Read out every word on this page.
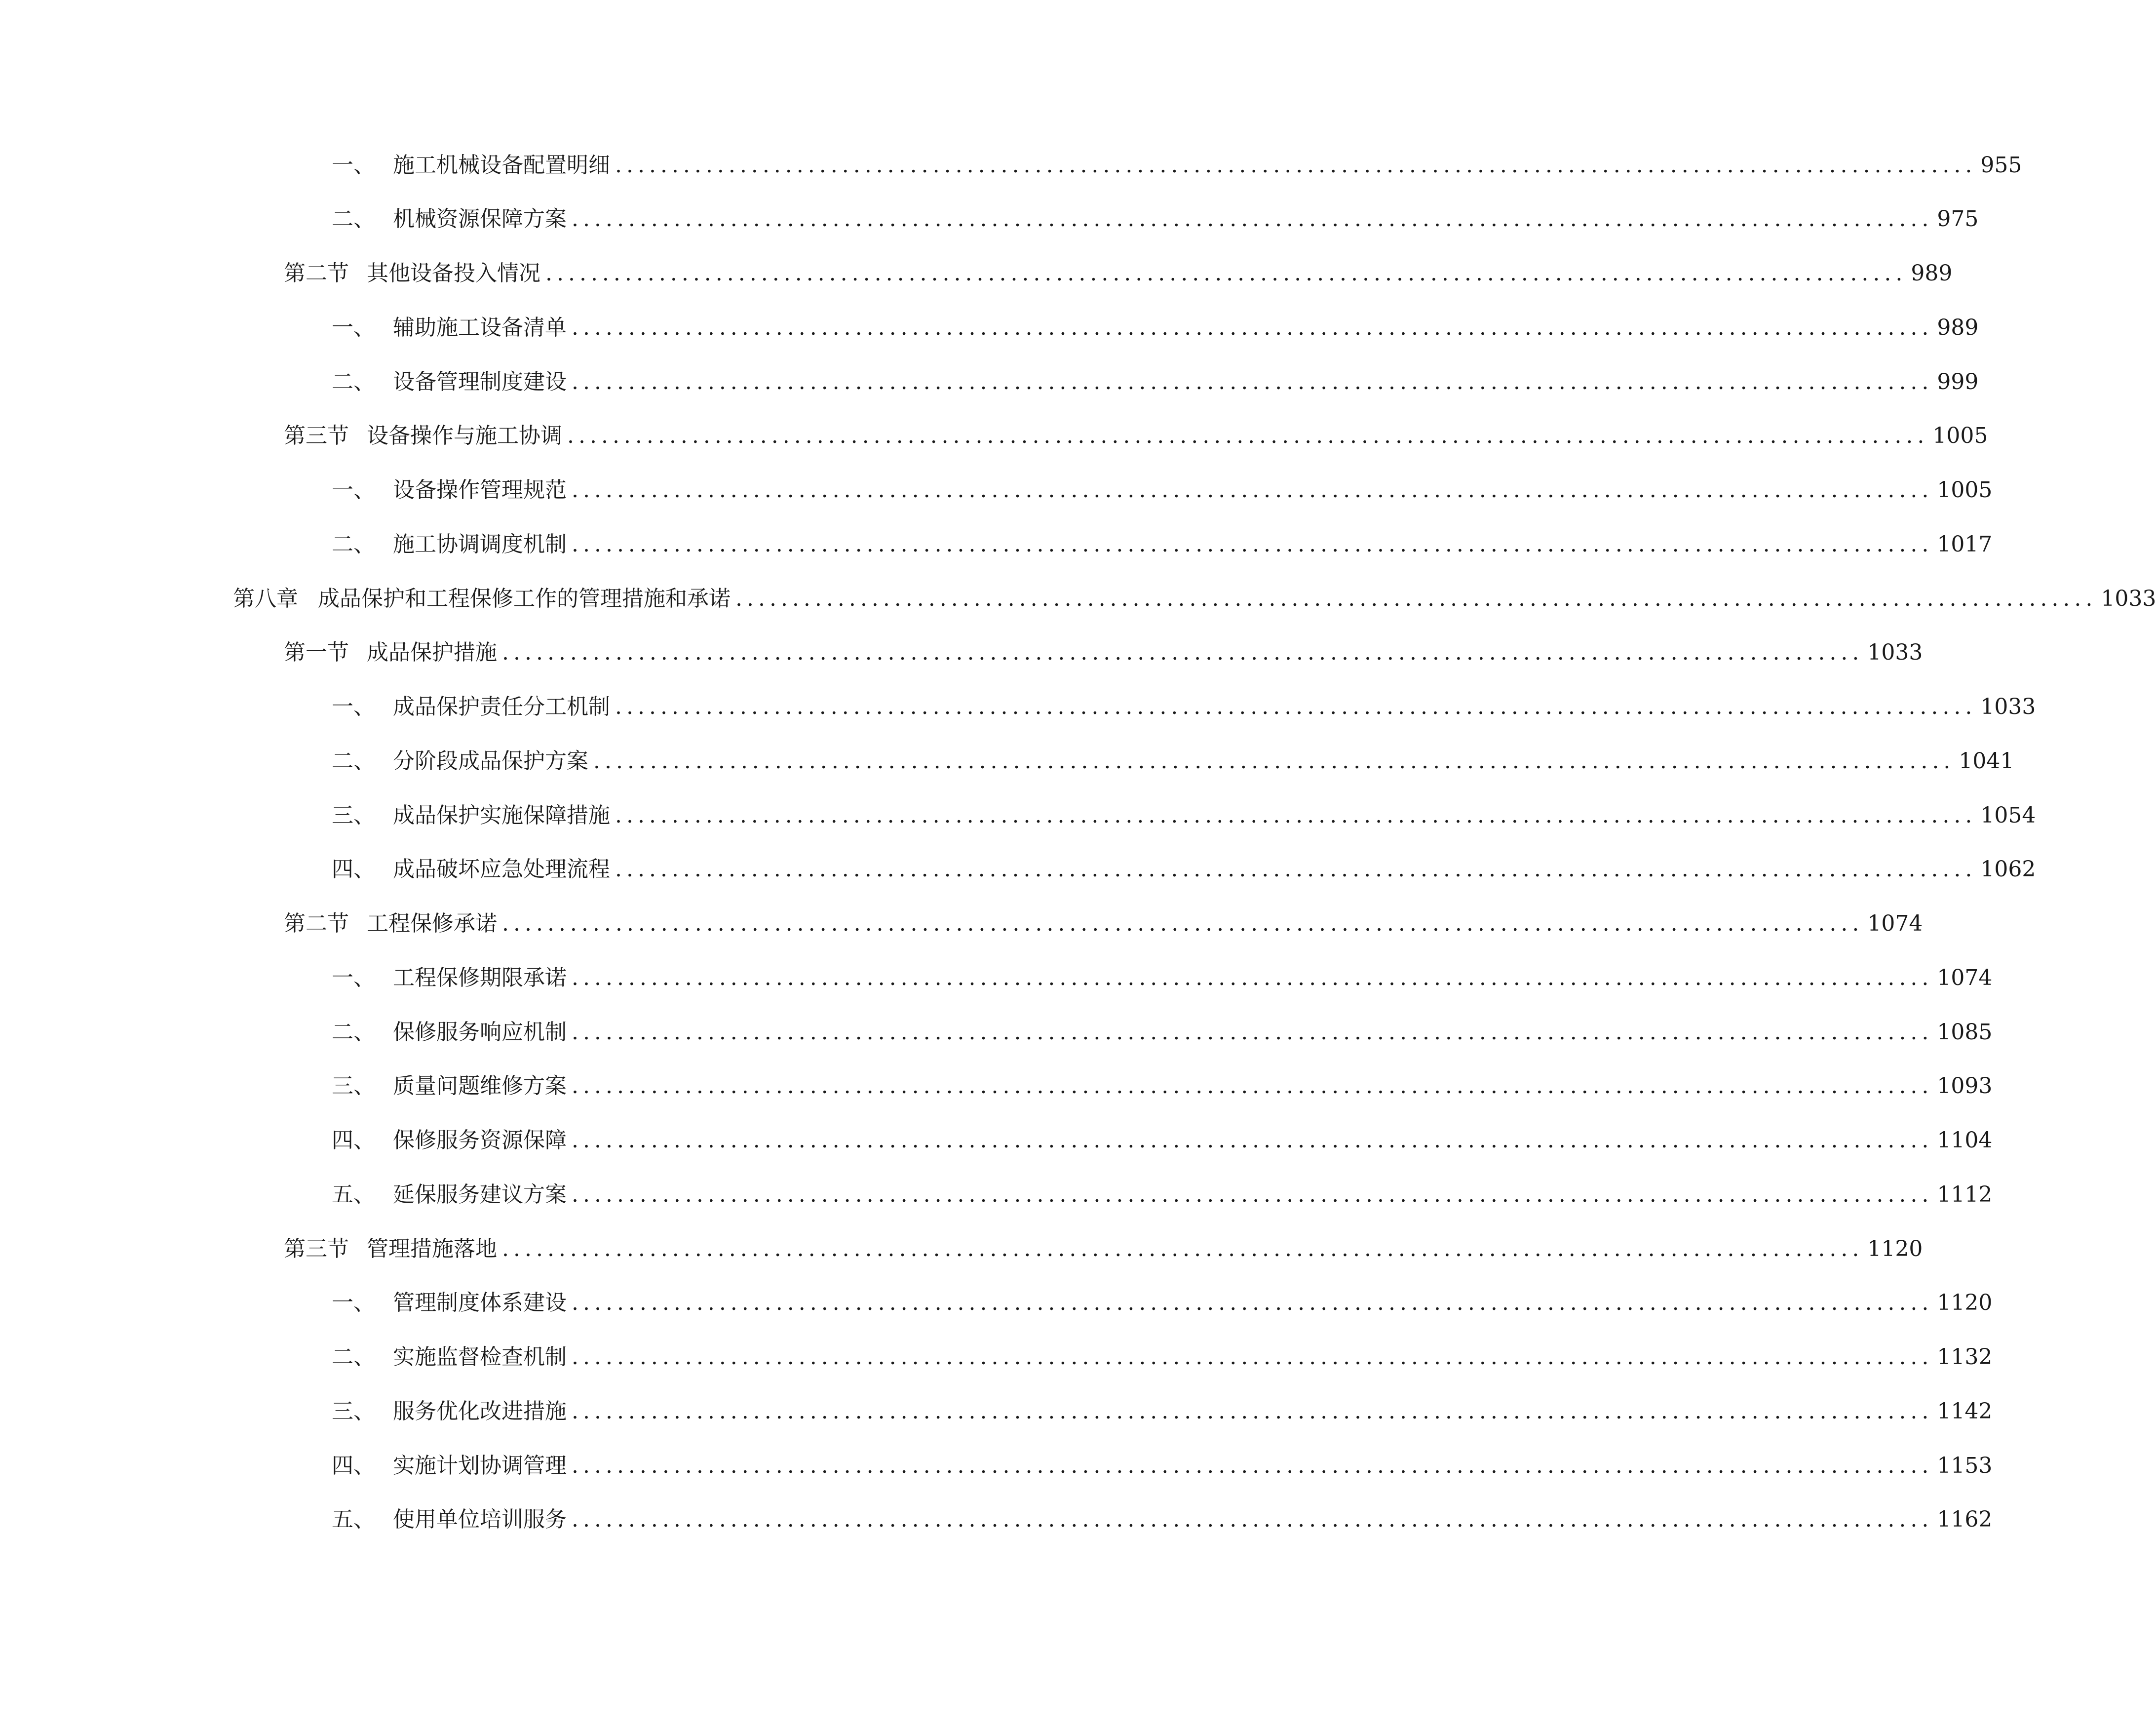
一、 施工机械设备配置明细 ........................................................................................................................ 955
二、 机械资源保障方案 ........................................................................................................................ 975
第二节 其他设备投入情况 ........................................................................................................................ 989
一、 辅助施工设备清单 ........................................................................................................................ 989
二、 设备管理制度建设 ........................................................................................................................ 999
第三节 设备操作与施工协调 ........................................................................................................................ 1005
一、 设备操作管理规范 ........................................................................................................................ 1005
二、 施工协调调度机制 ........................................................................................................................ 1017
第八章 成品保护和工程保修工作的管理措施和承诺 ........................................................................................................................ 1033
第一节 成品保护措施 ........................................................................................................................ 1033
一、 成品保护责任分工机制 ........................................................................................................................ 1033
二、 分阶段成品保护方案 ........................................................................................................................ 1041
三、 成品保护实施保障措施 ........................................................................................................................ 1054
四、 成品破坏应急处理流程 ........................................................................................................................ 1062
第二节 工程保修承诺 ........................................................................................................................ 1074
一、 工程保修期限承诺 ........................................................................................................................ 1074
二、 保修服务响应机制 ........................................................................................................................ 1085
三、 质量问题维修方案 ........................................................................................................................ 1093
四、 保修服务资源保障 ........................................................................................................................ 1104
五、 延保服务建议方案 ........................................................................................................................ 1112
第三节 管理措施落地 ........................................................................................................................ 1120
一、 管理制度体系建设 ........................................................................................................................ 1120
二、 实施监督检查机制 ........................................................................................................................ 1132
三、 服务优化改进措施 ........................................................................................................................ 1142
四、 实施计划协调管理 ........................................................................................................................ 1153
五、 使用单位培训服务 ........................................................................................................................ 1162
